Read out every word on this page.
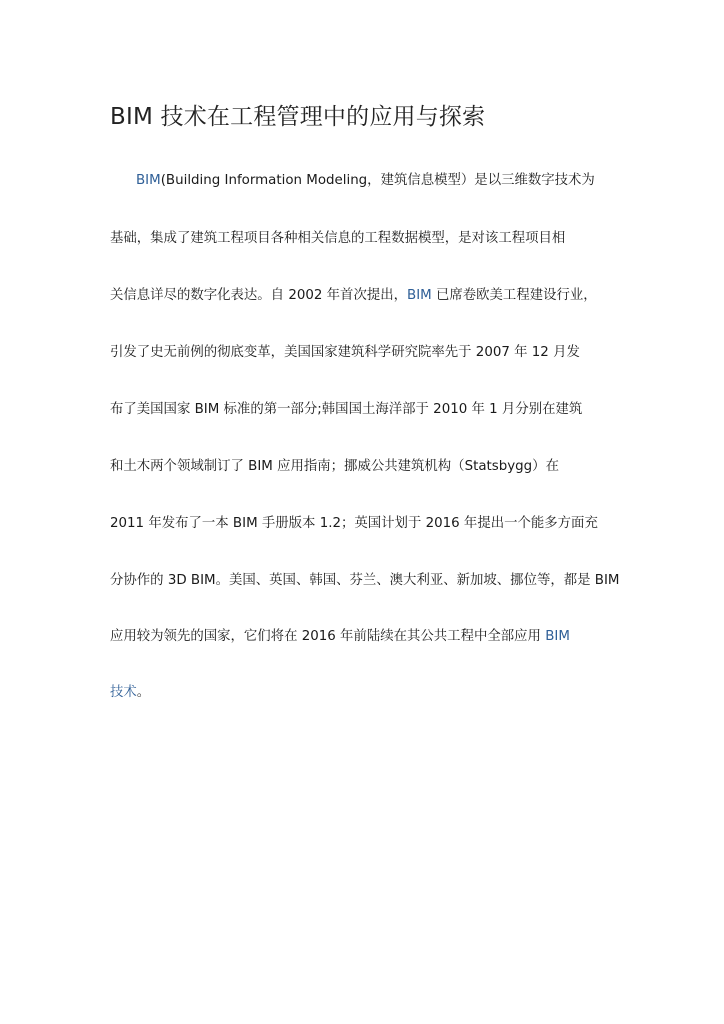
BIM 技术在工程管理中的应用与探索

BIM(Building Information Modeling，建筑信息模型）是以三维数字技术为

基础，集成了建筑工程项目各种相关信息的工程数据模型，是对该工程项目相

关信息详尽的数字化表达。自 2002 年首次提出，BIM 已席卷欧美工程建设行业，

引发了史无前例的彻底变革，美国国家建筑科学研究院率先于 2007 年 12 月发

布了美国国家 BIM 标准的第一部分;韩国国土海洋部于 2010 年 1 月分别在建筑

和土木两个领域制订了 BIM 应用指南；挪威公共建筑机构（Statsbygg）在

2011 年发布了一本 BIM 手册版本 1.2；英国计划于 2016 年提出一个能多方面充

分协作的 3D BIM。美国、英国、韩国、芬兰、澳大利亚、新加坡、挪位等，都是 BIM

应用较为领先的国家，它们将在 2016 年前陆续在其公共工程中全部应用 BIM

技术。
